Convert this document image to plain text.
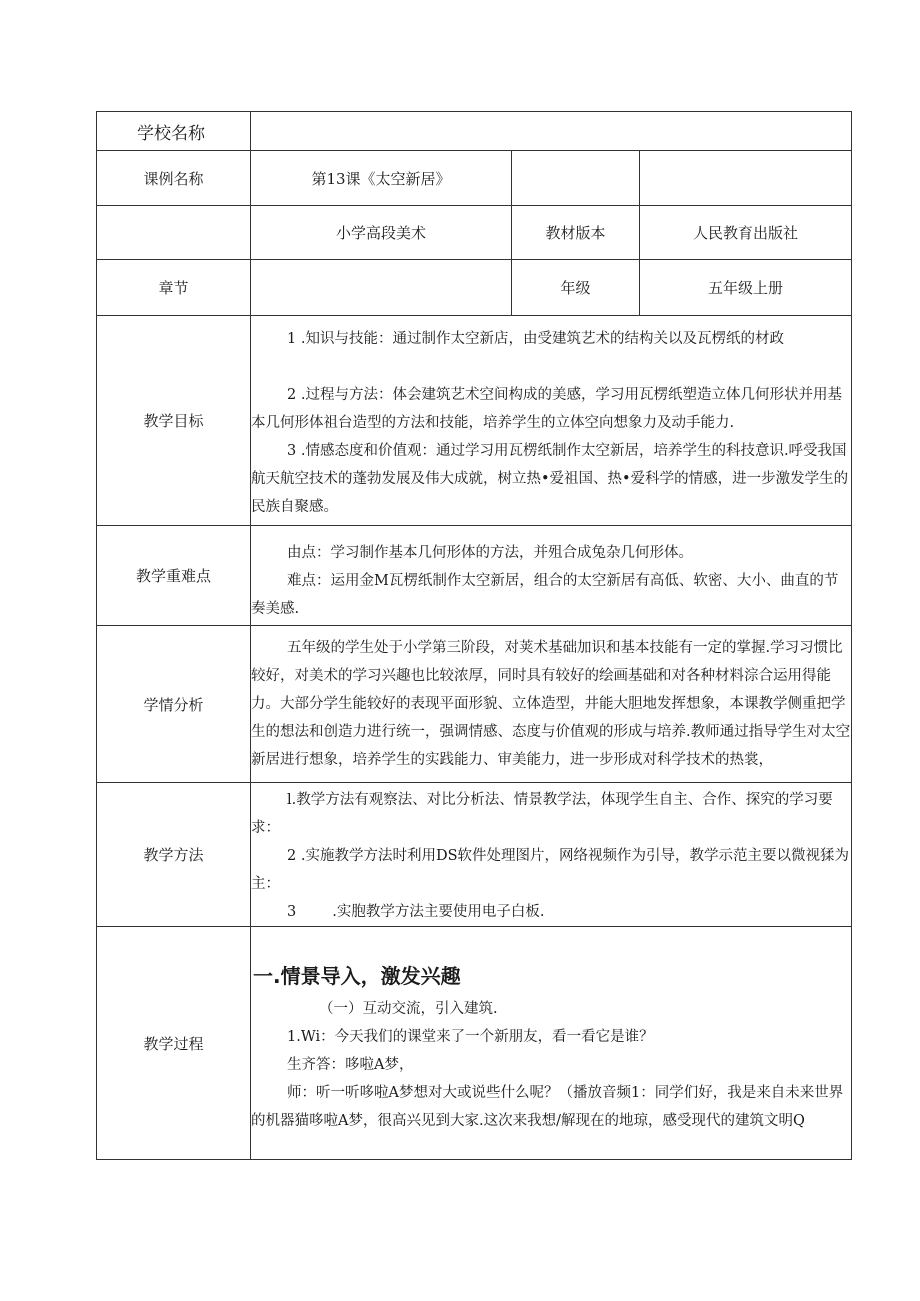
学校名称			
课例名称	第13课《太空新居》		
	小学高段美术	教材版本	人民教育出版社
章节		年级	五年级上册
教学目标	1 .知识与技能：通过制作太空新店，由受建筑艺术的结构关以及瓦楞纸的材政

2 .过程与方法：体会建筑艺术空间构成的美感，学习用瓦楞纸塑造立体几何形状并用基本几何形体祖台造型的方法和技能，培养学生的立体空向想象力及动手能力.

3 .情感态度和价值观：通过学习用瓦楞纸制作太空新居，培养学生的科技意识.呼受我国航天航空技术的蓬勃发展及伟大成就，树立热•爱祖国、热•爱科学的情感，进一步激发学生的民族自聚感。		

教学重难点	由点：学习制作基本几何形体的方法，并殂合成兔杂几何形体。

难点：运用金M瓦楞纸制作太空新居，组合的太空新居有高低、软密、大小、曲直的节奏美感.		

学情分析	五年级的学生处于小学第三阶段，对荚术基础加识和基本技能有一定的掌握.学习习惯比较好，对美术的学习兴趣也比较浓厚，同时具有较好的绘画基础和对各种材料淙合运用得能力。大部分学生能较好的表现平面形貌、立体造型，井能大胆地发挥想象，本课教学侧重把学生的想法和创造力进行统一，强调情感、态度与价值观的形成与培养.教师通过指导学生对太空新居进行想象，培养学生的实践能力、审美能力，进一步形成对科学技术的热裳，		

教学方法	l.教学方法有观察法、对比分析法、情景教学法，体现学生自主、合作、探究的学习要求：

2 .实施教学方法时利用DS软件处理图片，网络视频作为引导，教学示范主要以微视猱为主：

3 .实胞教学方法主要使用电子白板.		

教学过程	一.情景导入，激发兴趣

（一）互动交流，引入建筑.

1.Wi：今天我们的课堂来了一个新朋友，看一看它是谁？

生齐答：哆啦A梦，

师：听一听哆啦A梦想对大或说些什么呢？（播放音频1：同学们好，我是来自未来世界的机器猫哆啦A梦，很高兴见到大家.这次来我想/解现在的地琼，感受现代的建筑文明Q		
